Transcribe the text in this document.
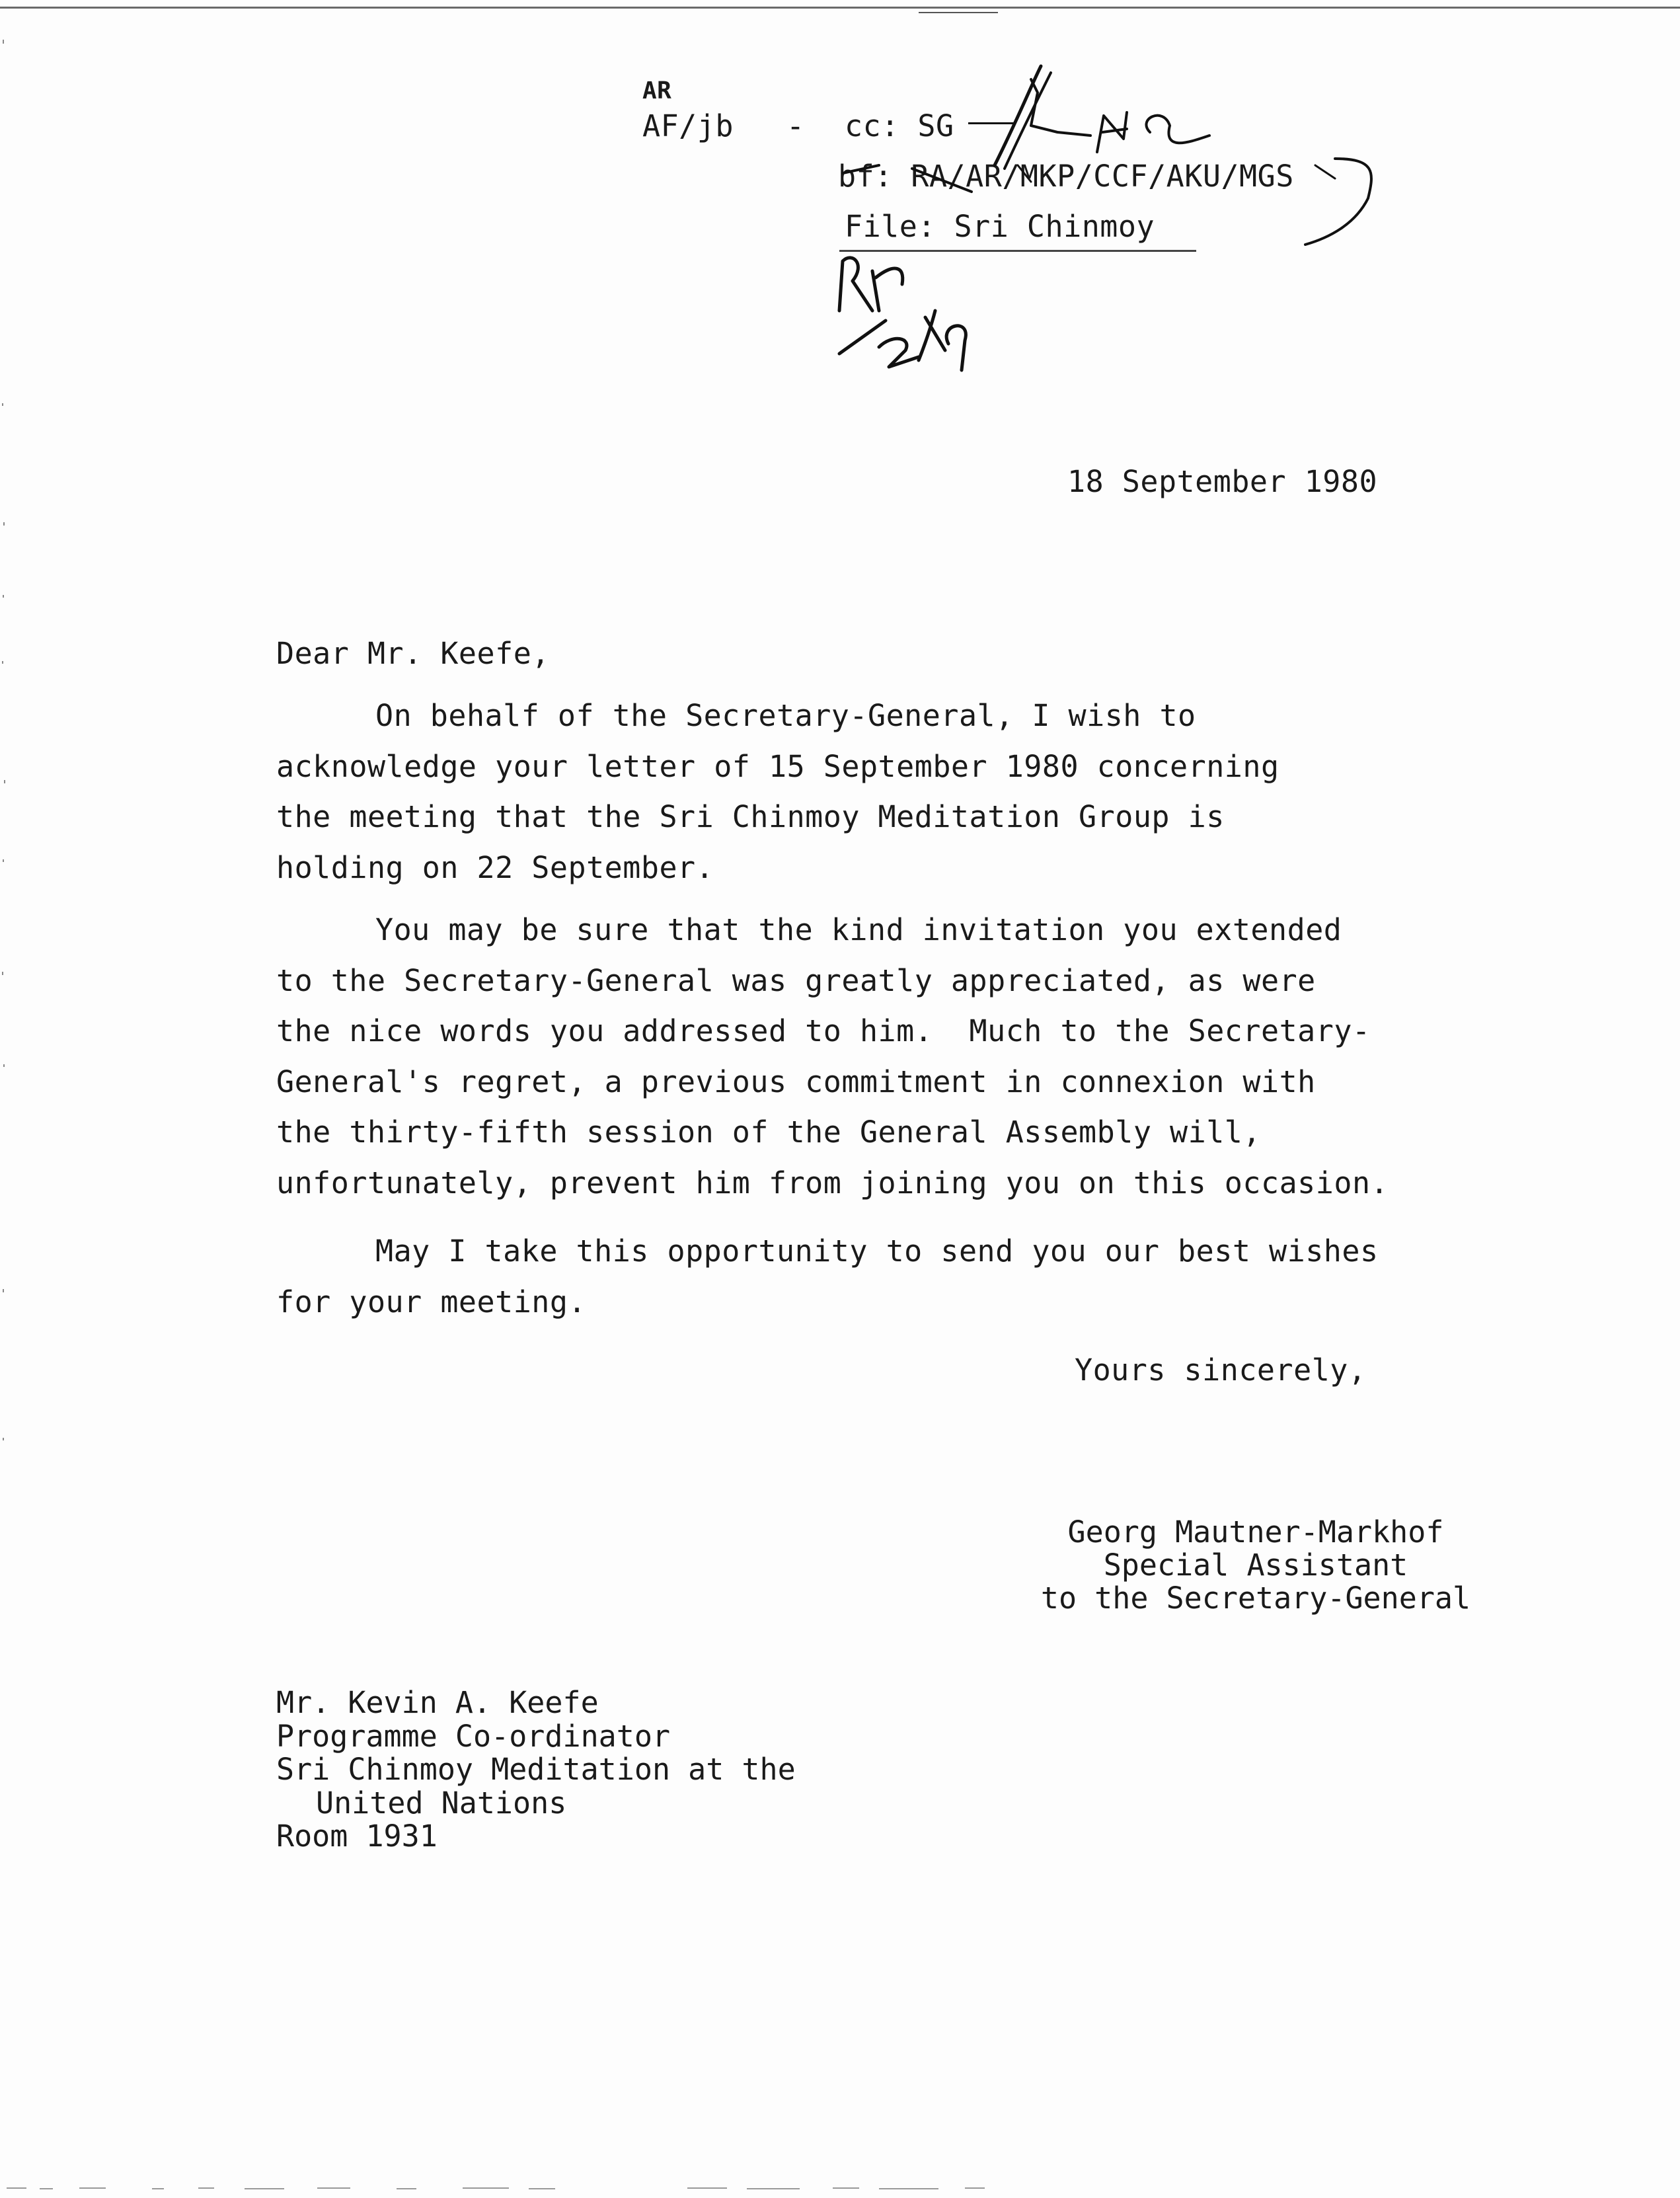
AR
AF/jb - cc: SG
bf: RA/AR/MKP/CCF/AKU/MGS
File: Sri Chinmoy
18 September 1980
Dear Mr. Keefe,

On behalf of the Secretary-General, I wish to
acknowledge your letter of 15 September 1980 concerning
the meeting that the Sri Chinmoy Meditation Group is
holding on 22 September.

You may be sure that the kind invitation you extended
to the Secretary-General was greatly appreciated, as were
the nice words you addressed to him.  Much to the Secretary-
General's regret, a previous commitment in connexion with
the thirty-fifth session of the General Assembly will,
unfortunately, prevent him from joining you on this occasion.

May I take this opportunity to send you our best wishes
for your meeting.

Yours sincerely,
Georg Mautner-Markhof
Special Assistant
to the Secretary-General
Mr. Kevin A. Keefe
Programme Co-ordinator
Sri Chinmoy Meditation at the
United Nations
Room 1931
